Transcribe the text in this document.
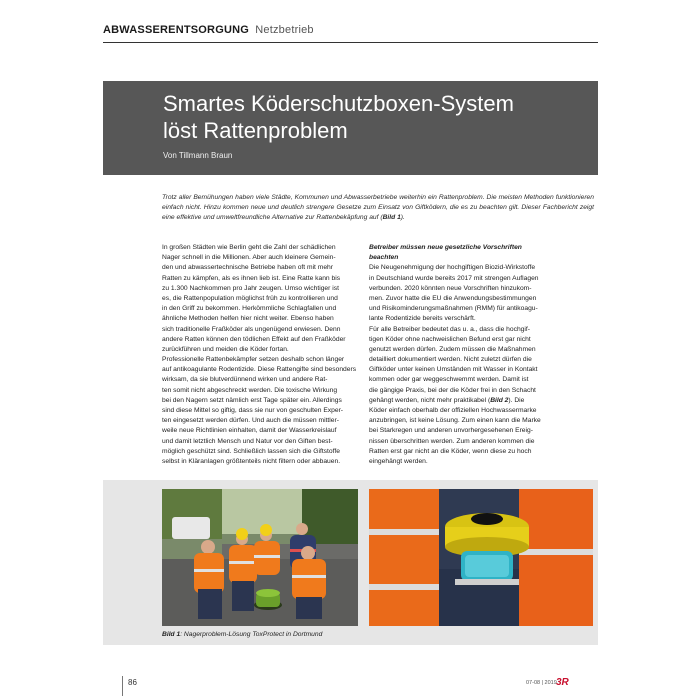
ABWASSERENTSORGUNG Netzbetrieb
Smartes Köderschutzboxen-System
löst Rattenproblem
Von Tillmann Braun
Trotz aller Bemühungen haben viele Städte, Kommunen und Abwasserbetriebe weiterhin ein Rattenproblem. Die meisten Methoden funktionieren einfach nicht. Hinzu kommen neue und deutlich strengere Gesetze zum Einsatz von Giftködern, die es zu beachten gilt. Dieser Fachbericht zeigt eine effektive und umweltfreundliche Alternative zur Rattenbekäpfung auf (Bild 1).
In großen Städten wie Berlin geht die Zahl der schädlichen
Nager schnell in die Millionen. Aber auch kleinere Gemein-
den und abwassertechnische Betriebe haben oft mit mehr
Ratten zu kämpfen, als es ihnen lieb ist. Eine Ratte kann bis
zu 1.300 Nachkommen pro Jahr zeugen. Umso wichtiger ist
es, die Rattenpopulation möglichst früh zu kontrollieren und
in den Griff zu bekommen. Herkömmliche Schlagfallen und
ähnliche Methoden helfen hier nicht weiter. Ebenso haben
sich traditionelle Fraßköder als ungenügend erwiesen. Denn
andere Ratten können den tödlichen Effekt auf den Fraßköder
zurückführen und meiden die Köder fortan.
Professionelle Rattenbekämpfer setzen deshalb schon länger
auf antikoagulante Rodentizide. Diese Rattengifte sind besonders
wirksam, da sie blutverdünnend wirken und andere Rat-
ten somit nicht abgeschreckt werden. Die toxische Wirkung
bei den Nagern setzt nämlich erst Tage später ein. Allerdings
sind diese Mittel so giftig, dass sie nur von geschulten Exper-
ten eingesetzt werden dürfen. Und auch die müssen mittler-
weile neue Richtlinien einhalten, damit der Wasserkreislauf
und damit letztlich Mensch und Natur vor den Giften best-
möglich geschützt sind. Schließlich lassen sich die Giftstoffe
selbst in Kläranlagen größtenteils nicht filtern oder abbauen.
Betreiber müssen neue gesetzliche Vorschriften
beachten
Die Neugenehmigung der hochgiftigen Biozid-Wirkstoffe
in Deutschland wurde bereits 2017 mit strengen Auflagen
verbunden. 2020 könnten neue Vorschriften hinzukom-
men. Zuvor hatte die EU die Anwendungsbestimmungen
und Risikominderungsmaßnahmen (RMM) für antikoagu-
lante Rodentizide bereits verschärft.
Für alle Betreiber bedeutet das u. a., dass die hochgif-
tigen Köder ohne nachweislichen Befund erst gar nicht
genutzt werden dürfen. Zudem müssen die Maßnahmen
detailliert dokumentiert werden. Nicht zuletzt dürfen die
Giftköder unter keinen Umständen mit Wasser in Kontakt
kommen oder gar weggeschwemmt werden. Damit ist
die gängige Praxis, bei der die Köder frei in den Schacht
gehängt werden, nicht mehr praktikabel (Bild 2). Die
Köder einfach oberhalb der offiziellen Hochwassermarke
anzubringen, ist keine Lösung. Zum einen kann die Marke
bei Starkregen und anderen unvorhergesehenen Ereig-
nissen überschritten werden. Zum anderen kommen die
Ratten erst gar nicht an die Köder, wenn diese zu hoch
eingehängt werden.
Bild 1: Nagerproblem-Lösung ToxProtect in Dortmund
86	07-08 | 2019 3R
